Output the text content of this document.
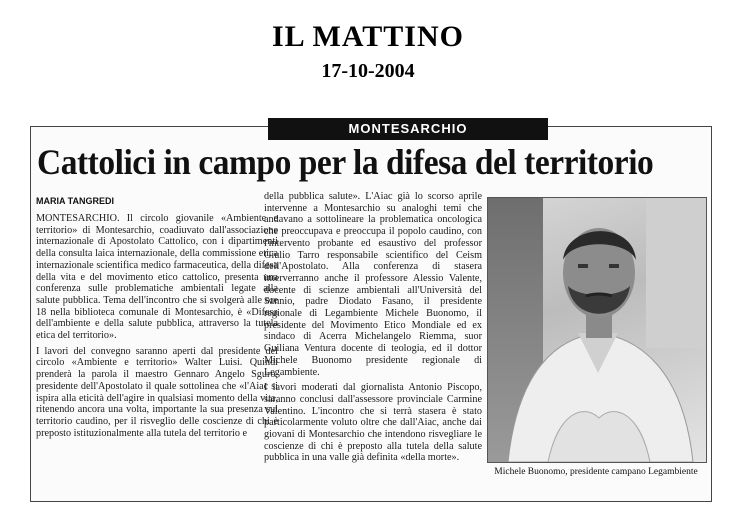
IL MATTINO
17-10-2004
MONTESARCHIO
Cattolici in campo per la difesa del territorio
MARIA TANGREDI

MONTESARCHIO. Il circolo giovanile «Ambiente e territorio» di Montesarchio, coadiuvato dall'associazione internazionale di Apostolato Cattolico, con i dipartimenti della consulta laica internazionale, della commissione etica internazionale scientifica medico farmaceutica, della difesa della vita e del movimento etico cattolico, presenta una conferenza sulle problematiche ambientali legate alla salute pubblica. Tema dell'incontro che si svolgerà alle ore 18 nella biblioteca comunale di Montesarchio, è «Difesa dell'ambiente e della salute pubblica, attraverso la tutela etica del territorio».

I lavori del convegno saranno aperti dal presidente del circolo «Ambiente e territorio» Walter Luisi. Quindi prenderà la parola il maestro Gennaro Angelo Sguro, presidente dell'Apostolato il quale sottolinea che «l'Aiac si ispira alla eticità dell'agire in qualsiasi momento della vita, ritenendo ancora una volta, importante la sua presenza sul territorio caudino, per il risveglio delle coscienze di chi è preposto istituzionalmente alla tutela del territorio e

della pubblica salute». L'Aiac già lo scorso aprile intervenne a Montesarchio su analoghi temi che andavano a sottolineare la problematica oncologica che preoccupava e preoccupa il popolo caudino, con l'intervento probante ed esaustivo del professor Giulio Tarro responsabile scientifico del Ceism dell'Apostolato. Alla conferenza di stasera interverranno anche il professore Alessio Valente, docente di scienze ambientali all'Università del Sannio, padre Diodato Fasano, il presidente regionale di Legambiente Michele Buonomo, il presidente del Movimento Etico Mondiale ed ex sindaco di Acerra Michelangelo Riemma, suor Guiliana Ventura docente di teologia, ed il dottor Michele Buonomo presidente regionale di Legambiente.

I lavori moderati dal giornalista Antonio Piscopo, saranno conclusi dall'assessore provinciale Carmine Valentino. L'incontro che si terrà stasera è stato particolarmente voluto oltre che dall'Aiac, anche dai giovani di Montesarchio che intendono risvegliare le coscienze di chi è preposto alla tutela della salute pubblica in una valle già definita «della morte».

Michele Buonomo, presidente campano Legambiente
